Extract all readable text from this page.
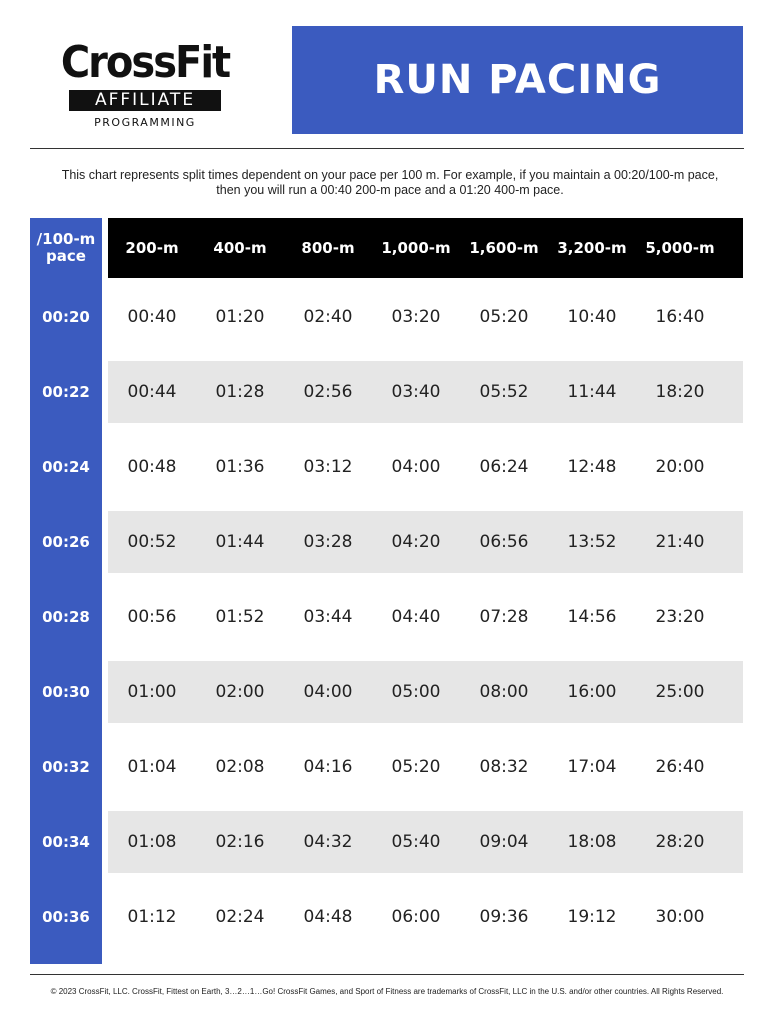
CrossFit
AFFILIATE
PROGRAMMING
RUN PACING
This chart represents split times dependent on your pace per 100 m. For example, if you maintain a 00:20/100-m pace, then you will run a 00:40 200-m pace and a 01:20 400-m pace.
/100-m pace	200-m	400-m	800-m	1,000-m	1,600-m	3,200-m	5,000-m
00:20	00:40	01:20	02:40	03:20	05:20	10:40	16:40
00:22	00:44	01:28	02:56	03:40	05:52	11:44	18:20
00:24	00:48	01:36	03:12	04:00	06:24	12:48	20:00
00:26	00:52	01:44	03:28	04:20	06:56	13:52	21:40
00:28	00:56	01:52	03:44	04:40	07:28	14:56	23:20
00:30	01:00	02:00	04:00	05:00	08:00	16:00	25:00
00:32	01:04	02:08	04:16	05:20	08:32	17:04	26:40
00:34	01:08	02:16	04:32	05:40	09:04	18:08	28:20
00:36	01:12	02:24	04:48	06:00	09:36	19:12	30:00
© 2023 CrossFit, LLC. CrossFit, Fittest on Earth, 3…2…1…Go! CrossFit Games, and Sport of Fitness are trademarks of CrossFit, LLC in the U.S. and/or other countries. All Rights Reserved.
